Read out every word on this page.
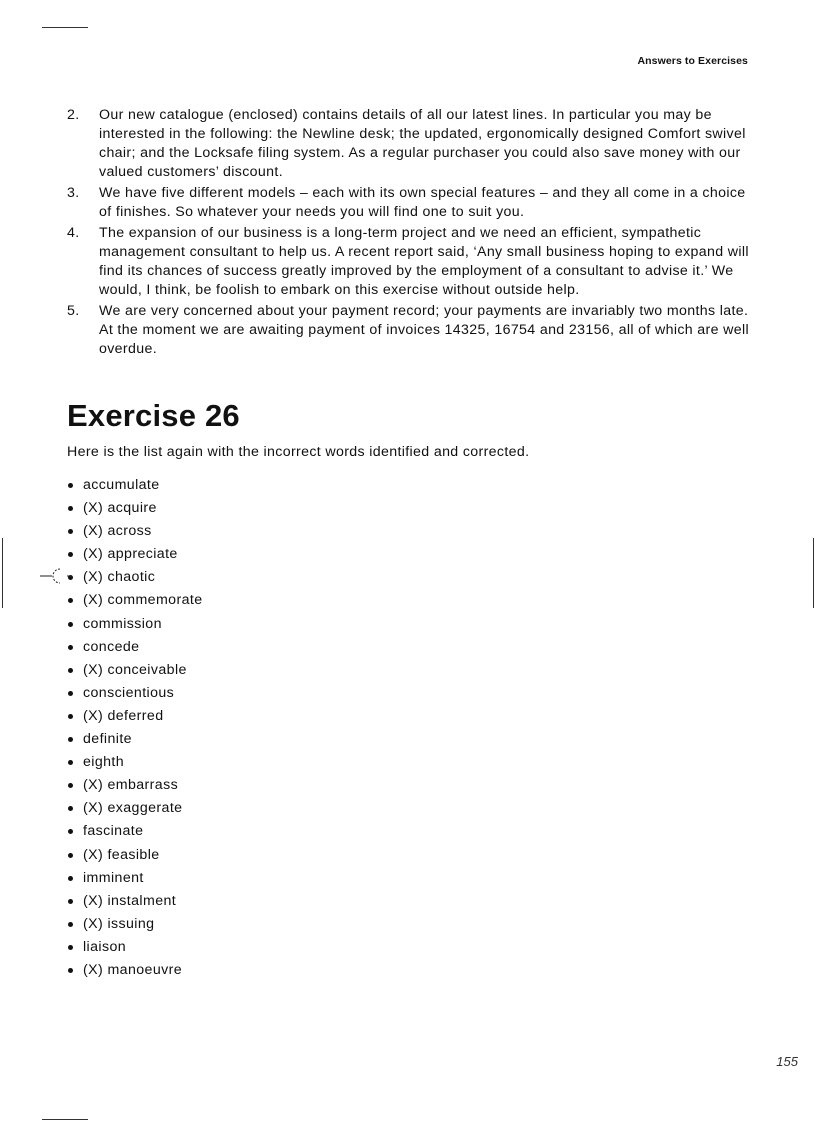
Answers to Exercises
2. Our new catalogue (enclosed) contains details of all our latest lines. In particular you may be interested in the following: the Newline desk; the updated, ergonomically designed Comfort swivel chair; and the Locksafe filing system. As a regular purchaser you could also save money with our valued customers’ discount.
3. We have five different models – each with its own special features – and they all come in a choice of finishes. So whatever your needs you will find one to suit you.
4. The expansion of our business is a long-term project and we need an efficient, sympathetic management consultant to help us. A recent report said, ‘Any small business hoping to expand will find its chances of success greatly improved by the employment of a consultant to advise it.’ We would, I think, be foolish to embark on this exercise without outside help.
5. We are very concerned about your payment record; your payments are invariably two months late. At the moment we are awaiting payment of invoices 14325, 16754 and 23156, all of which are well overdue.
Exercise 26

Here is the list again with the incorrect words identified and corrected.

accumulate
(X) acquire
(X) across
(X) appreciate
(X) chaotic
(X) commemorate
commission
concede
(X) conceivable
conscientious
(X) deferred
definite
eighth
(X) embarrass
(X) exaggerate
fascinate
(X) feasible
imminent
(X) instalment
(X) issuing
liaison
(X) manoeuvre
155
